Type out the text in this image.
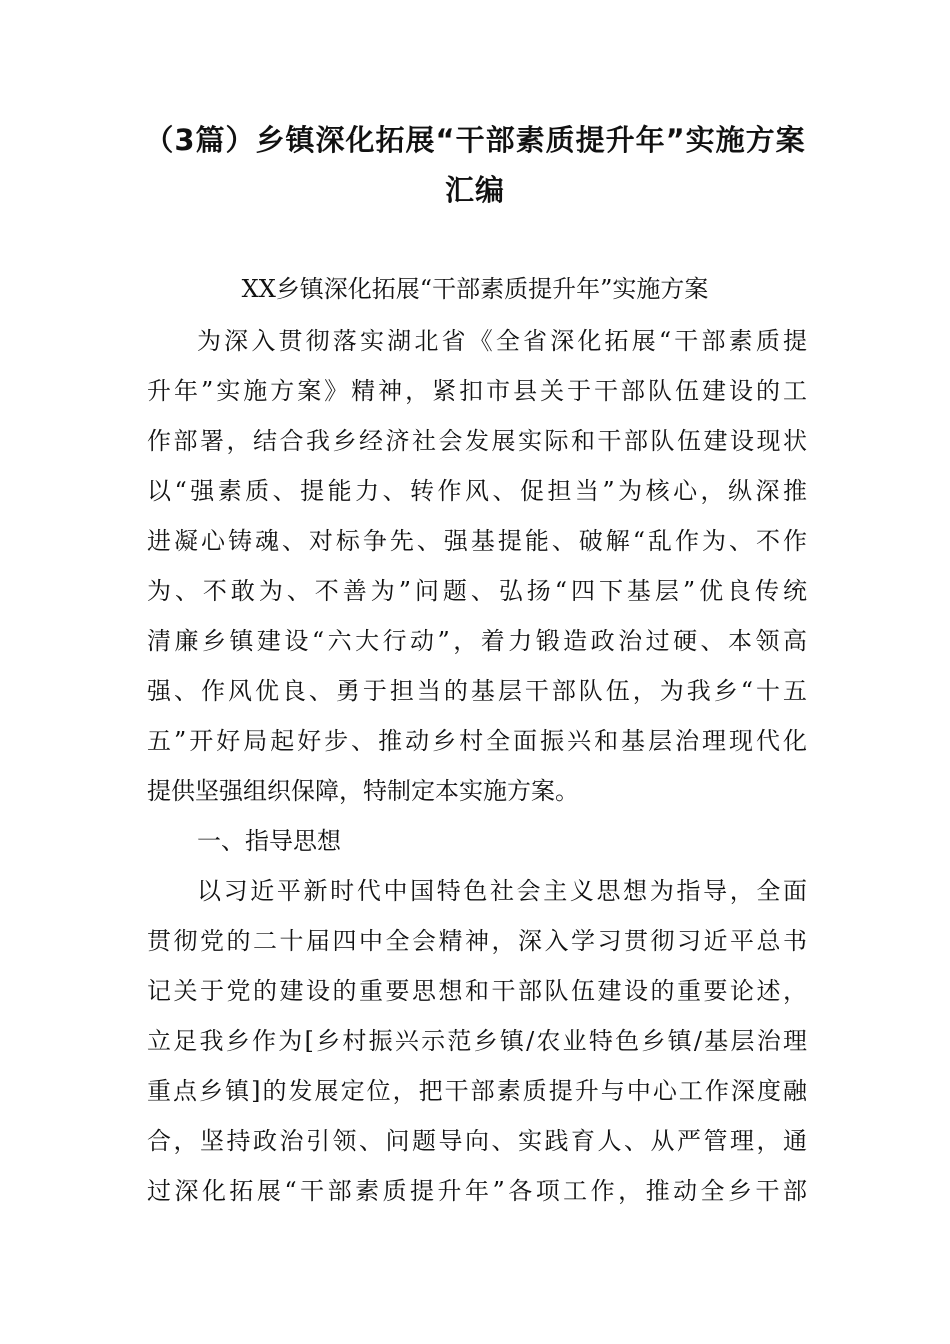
（3篇）乡镇深化拓展“干部素质提升年”实施方案
汇编
XX乡镇深化拓展“干部素质提升年”实施方案
为深入贯彻落实湖北省《全省深化拓展“干部素质提
升年”实施方案》精神，紧扣市县关于干部队伍建设的工
作部署，结合我乡经济社会发展实际和干部队伍建设现状
以“强素质、提能力、转作风、促担当”为核心，纵深推
进凝心铸魂、对标争先、强基提能、破解“乱作为、不作
为、不敢为、不善为”问题、弘扬“四下基层”优良传统
清廉乡镇建设“六大行动”，着力锻造政治过硬、本领高
强、作风优良、勇于担当的基层干部队伍，为我乡“十五
五”开好局起好步、推动乡村全面振兴和基层治理现代化
提供坚强组织保障，特制定本实施方案。
一、指导思想
以习近平新时代中国特色社会主义思想为指导，全面
贯彻党的二十届四中全会精神，深入学习贯彻习近平总书
记关于党的建设的重要思想和干部队伍建设的重要论述，
立足我乡作为[乡村振兴示范乡镇/农业特色乡镇/基层治理
重点乡镇]的发展定位，把干部素质提升与中心工作深度融
合，坚持政治引领、问题导向、实践育人、从严管理，通
过深化拓展“干部素质提升年”各项工作，推动全乡干部
